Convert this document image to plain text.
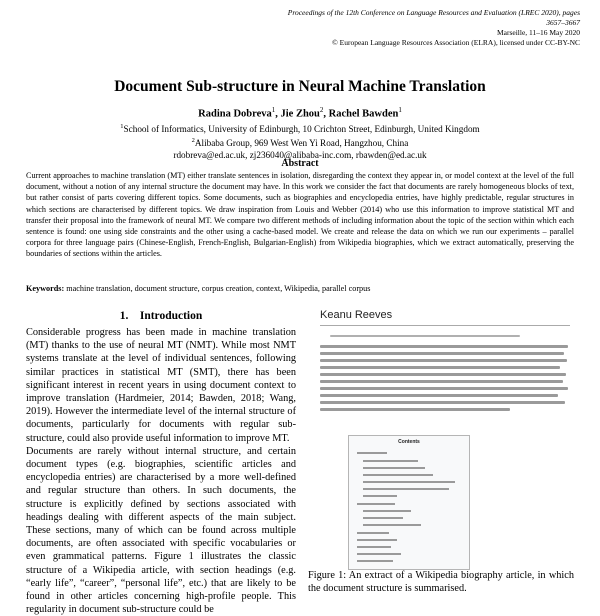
Proceedings of the 12th Conference on Language Resources and Evaluation (LREC 2020), pages 3657–3667
Marseille, 11–16 May 2020
© European Language Resources Association (ELRA), licensed under CC-BY-NC
Document Sub-structure in Neural Machine Translation
Radina Dobreva$^1$, Jie Zhou$^2$, Rachel Bawden$^1$
$^1$School of Informatics, University of Edinburgh, 10 Crichton Street, Edinburgh, United Kingdom
$^2$Alibaba Group, 969 West Wen Yi Road, Hangzhou, China
rdobreva@ed.ac.uk, zj236040@alibaba-inc.com, rbawden@ed.ac.uk
Abstract
Current approaches to machine translation (MT) either translate sentences in isolation, disregarding the context they appear in, or model context at the level of the full document, without a notion of any internal structure the document may have. In this work we consider the fact that documents are rarely homogeneous blocks of text, but rather consist of parts covering different topics. Some documents, such as biographies and encyclopedia entries, have highly predictable, regular structures in which sections are characterised by different topics. We draw inspiration from Louis and Webber (2014) who use this information to improve statistical MT and transfer their proposal into the framework of neural MT. We compare two different methods of including information about the topic of the section within which each sentence is found: one using side constraints and the other using a cache-based model. We create and release the data on which we run our experiments – parallel corpora for three language pairs (Chinese-English, French-English, Bulgarian-English) from Wikipedia biographies, which we extract automatically, preserving the boundaries of sections within the articles.
Keywords: machine translation, document structure, corpus creation, context, Wikipedia, parallel corpus
1. Introduction

Considerable progress has been made in machine translation (MT) thanks to the use of neural MT (NMT). While most NMT systems translate at the level of individual sentences, following similar practices in statistical MT (SMT), there has been significant interest in recent years in using document context to improve translation (Hardmeier, 2014; Bawden, 2018; Wang, 2019). However the intermediate level of the internal structure of documents, particularly for documents with regular sub-structure, could also provide useful information to improve MT.

Documents are rarely without internal structure, and certain document types (e.g. biographies, scientific articles and encyclopedia entries) are characterised by a more well-defined and regular structure than others. In such documents, the structure is explicitly defined by sections associated with headings dealing with different aspects of the main subject. These sections, many of which can be found across multiple documents, are often associated with specific vocabularies or even grammatical patterns. Figure 1 illustrates the classic structure of a Wikipedia article, with section headings (e.g. “early life”, “career”, “personal life”, etc.) that are likely to be found in other articles concerning high-profile people. This regularity in document sub-structure could be

Keanu Reeves
Contents
Figure 1: An extract of a Wikipedia biography article, in which the document structure is summarised.
